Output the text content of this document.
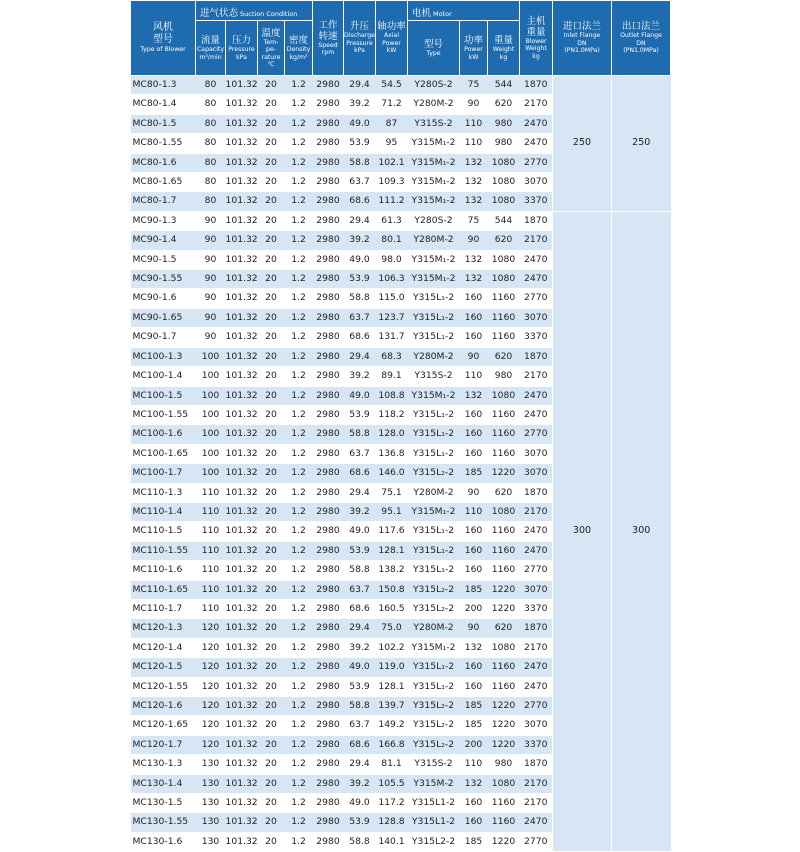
风机
型号
Type of Blower	进气状态 Suction Condition				工作
转速
Speed
rpm	升压
Discharge
Pressure
kPa	轴功率
Axial
Power
kW	电机 Motor			主机
重量
Blower
Weight
kg	进口法兰
Inlet Flange
DN
(PN1.0MPa)	出口法兰
Outlet Flange
DN
(PN1.0MPa)

	流量
Capacity
m³/min	压力
Pressure
kPa	温度
Tem-
pe-
rature
℃	密度
Density
kg/m³				型号
Type	功率
Power
kW	重量
Weight
kg			

MC80-1.3	80	101.32	20	1.2	2980	29.4	54.5	Y280S-2	75	544	1870	250	250
MC80-1.4	80	101.32	20	1.2	2980	39.2	71.2	Y280M-2	90	620	2170		
MC80-1.5	80	101.32	20	1.2	2980	49.0	87	Y315S-2	110	980	2470		
MC80-1.55	80	101.32	20	1.2	2980	53.9	95	Y315M₁-2	110	980	2470		
MC80-1.6	80	101.32	20	1.2	2980	58.8	102.1	Y315M₁-2	132	1080	2770		
MC80-1.65	80	101.32	20	1.2	2980	63.7	109.3	Y315M₁-2	132	1080	3070		
MC80-1.7	80	101.32	20	1.2	2980	68.6	111.2	Y315M₁-2	132	1080	3370		
MC90-1.3	90	101.32	20	1.2	2980	29.4	61.3	Y280S-2	75	544	1870	300	300
MC90-1.4	90	101.32	20	1.2	2980	39.2	80.1	Y280M-2	90	620	2170		
MC90-1.5	90	101.32	20	1.2	2980	49.0	98.0	Y315M₁-2	132	1080	2470		
MC90-1.55	90	101.32	20	1.2	2980	53.9	106.3	Y315M₁-2	132	1080	2470		
MC90-1.6	90	101.32	20	1.2	2980	58.8	115.0	Y315L₁-2	160	1160	2770		
MC90-1.65	90	101.32	20	1.2	2980	63.7	123.7	Y315L₁-2	160	1160	3070		
MC90-1.7	90	101.32	20	1.2	2980	68.6	131.7	Y315L₁-2	160	1160	3370		
MC100-1.3	100	101.32	20	1.2	2980	29.4	68.3	Y280M-2	90	620	1870		
MC100-1.4	100	101.32	20	1.2	2980	39.2	89.1	Y315S-2	110	980	2170		
MC100-1.5	100	101.32	20	1.2	2980	49.0	108.8	Y315M₁-2	132	1080	2470		
MC100-1.55	100	101.32	20	1.2	2980	53.9	118.2	Y315L₁-2	160	1160	2470		
MC100-1.6	100	101.32	20	1.2	2980	58.8	128.0	Y315L₁-2	160	1160	2770		
MC100-1.65	100	101.32	20	1.2	2980	63.7	136.8	Y315L₁-2	160	1160	3070		
MC100-1.7	100	101.32	20	1.2	2980	68.6	146.0	Y315L₂-2	185	1220	3070		
MC110-1.3	110	101.32	20	1.2	2980	29.4	75.1	Y280M-2	90	620	1870		
MC110-1.4	110	101.32	20	1.2	2980	39.2	95.1	Y315M₁-2	110	1080	2170		
MC110-1.5	110	101.32	20	1.2	2980	49.0	117.6	Y315L₁-2	160	1160	2470		
MC110-1.55	110	101.32	20	1.2	2980	53.9	128.1	Y315L₁-2	160	1160	2470		
MC110-1.6	110	101.32	20	1.2	2980	58.8	138.2	Y315L₁-2	160	1160	2770		
MC110-1.65	110	101.32	20	1.2	2980	63.7	150.8	Y315L₂-2	185	1220	3070		
MC110-1.7	110	101.32	20	1.2	2980	68.6	160.5	Y315L₂-2	200	1220	3370		
MC120-1.3	120	101.32	20	1.2	2980	29.4	75.0	Y280M-2	90	620	1870		
MC120-1.4	120	101.32	20	1.2	2980	39.2	102.2	Y315M₁-2	132	1080	2170		
MC120-1.5	120	101.32	20	1.2	2980	49.0	119.0	Y315L₁-2	160	1160	2470		
MC120-1.55	120	101.32	20	1.2	2980	53.9	128.1	Y315L₁-2	160	1160	2470		
MC120-1.6	120	101.32	20	1.2	2980	58.8	139.7	Y315L₂-2	185	1220	2770		
MC120-1.65	120	101.32	20	1.2	2980	63.7	149.2	Y315L₂-2	185	1220	3070		
MC120-1.7	120	101.32	20	1.2	2980	68.6	166.8	Y315L₂-2	200	1220	3370		
MC130-1.3	130	101.32	20	1.2	2980	29.4	81.1	Y315S-2	110	980	1870		
MC130-1.4	130	101.32	20	1.2	2980	39.2	105.5	Y315M-2	132	1080	2170		
MC130-1.5	130	101.32	20	1.2	2980	49.0	117.2	Y315L1-2	160	1160	2170		
MC130-1.55	130	101.32	20	1.2	2980	53.9	128.8	Y315L1-2	160	1160	2470		
MC130-1.6	130	101.32	20	1.2	2980	58.8	140.1	Y315L2-2	185	1220	2770		
